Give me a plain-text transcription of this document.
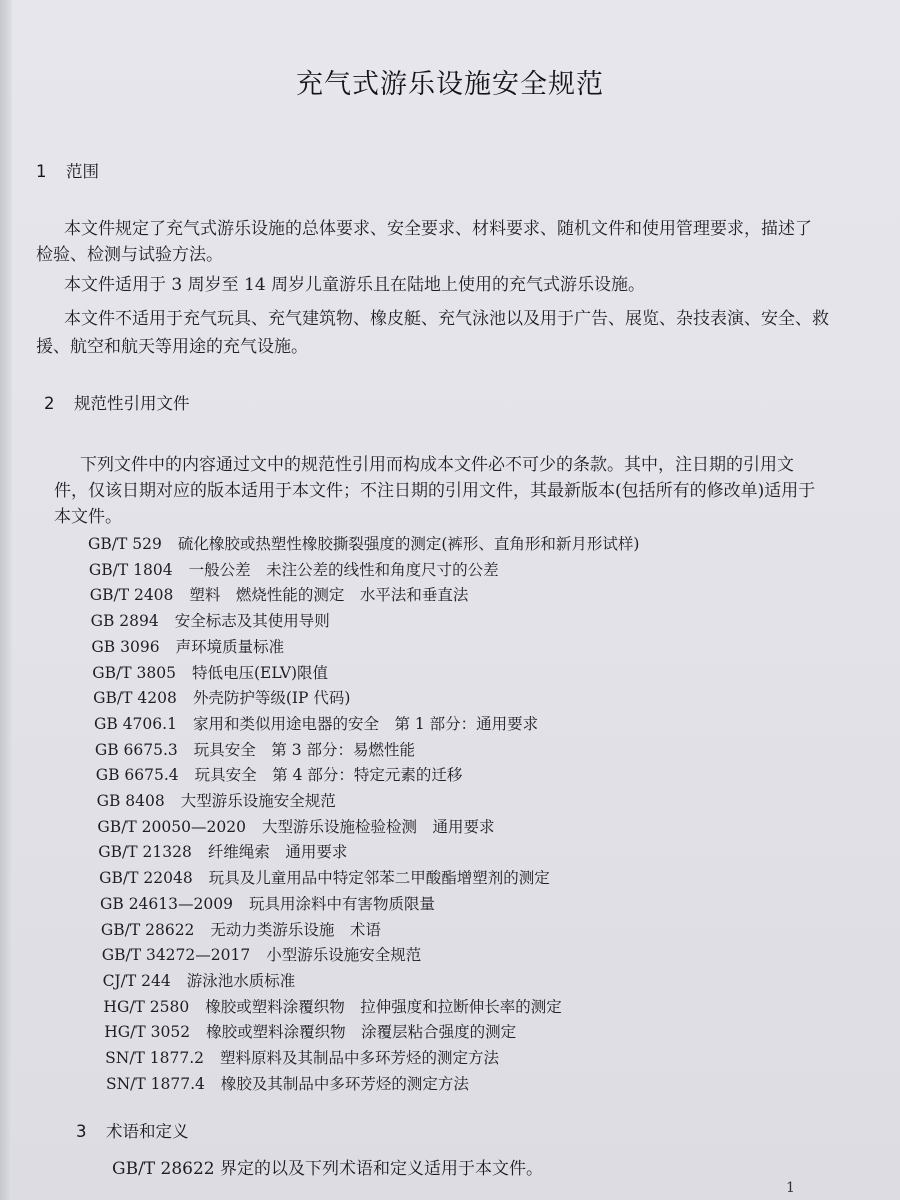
充气式游乐设施安全规范
1 范围
本文件规定了充气式游乐设施的总体要求、安全要求、材料要求、随机文件和使用管理要求，描述了
检验、检测与试验方法。
本文件适用于 3 周岁至 14 周岁儿童游乐且在陆地上使用的充气式游乐设施。
本文件不适用于充气玩具、充气建筑物、橡皮艇、充气泳池以及用于广告、展览、杂技表演、安全、救
援、航空和航天等用途的充气设施。
2 规范性引用文件
下列文件中的内容通过文中的规范性引用而构成本文件必不可少的条款。其中，注日期的引用文
件，仅该日期对应的版本适用于本文件；不注日期的引用文件，其最新版本(包括所有的修改单)适用于
本文件。
GB/T 529 硫化橡胶或热塑性橡胶撕裂强度的测定(裤形、直角形和新月形试样)
GB/T 1804 一般公差　未注公差的线性和角度尺寸的公差
GB/T 2408 塑料　燃烧性能的测定　水平法和垂直法
GB 2894 安全标志及其使用导则
GB 3096 声环境质量标准
GB/T 3805 特低电压(ELV)限值
GB/T 4208 外壳防护等级(IP 代码)
GB 4706.1 家用和类似用途电器的安全　第 1 部分：通用要求
GB 6675.3 玩具安全　第 3 部分：易燃性能
GB 6675.4 玩具安全　第 4 部分：特定元素的迁移
GB 8408 大型游乐设施安全规范
GB/T 20050—2020 大型游乐设施检验检测　通用要求
GB/T 21328 纤维绳索　通用要求
GB/T 22048 玩具及儿童用品中特定邻苯二甲酸酯增塑剂的测定
GB 24613—2009 玩具用涂料中有害物质限量
GB/T 28622 无动力类游乐设施　术语
GB/T 34272—2017 小型游乐设施安全规范
CJ/T 244 游泳池水质标准
HG/T 2580 橡胶或塑料涂覆织物　拉伸强度和拉断伸长率的测定
HG/T 3052 橡胶或塑料涂覆织物　涂覆层粘合强度的测定
SN/T 1877.2 塑料原料及其制品中多环芳烃的测定方法
SN/T 1877.4 橡胶及其制品中多环芳烃的测定方法
3 术语和定义
GB/T 28622 界定的以及下列术语和定义适用于本文件。
1
